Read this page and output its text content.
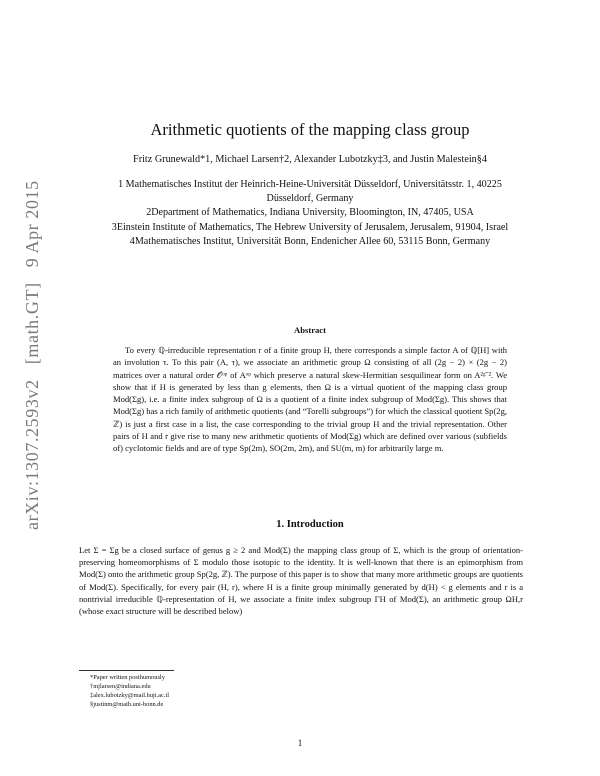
arXiv:1307.2593v2 [math.GT] 9 Apr 2015
Arithmetic quotients of the mapping class group
Fritz Grunewald*1, Michael Larsen†2, Alexander Lubotzky‡3, and Justin Malestein§4
1 Mathematisches Institut der Heinrich-Heine-Universität Düsseldorf, Universitätsstr. 1, 40225 Düsseldorf, Germany
2Department of Mathematics, Indiana University, Bloomington, IN, 47405, USA
3Einstein Institute of Mathematics, The Hebrew University of Jerusalem, Jerusalem, 91904, Israel
4Mathematisches Institut, Universität Bonn, Endenicher Allee 60, 53115 Bonn, Germany
Abstract
To every ℚ-irreducible representation r of a finite group H, there corresponds a simple factor A of ℚ[H] with an involution τ. To this pair (A, τ), we associate an arithmetic group Ω consisting of all (2g − 2) × (2g − 2) matrices over a natural order 𝒪ᵒᵖ of Aᵒᵖ which preserve a natural skew-Hermitian sesquilinear form on A²ᵍ⁻². We show that if H is generated by less than g elements, then Ω is a virtual quotient of the mapping class group Mod(Σg), i.e. a finite index subgroup of Ω is a quotient of a finite index subgroup of Mod(Σg). This shows that Mod(Σg) has a rich family of arithmetic quotients (and “Torelli subgroups”) for which the classical quotient Sp(2g, ℤ) is just a first case in a list, the case corresponding to the trivial group H and the trivial representation. Other pairs of H and r give rise to many new arithmetic quotients of Mod(Σg) which are defined over various (subfields of) cyclotomic fields and are of type Sp(2m), SO(2m, 2m), and SU(m, m) for arbitrarily large m.
1. Introduction
Let Σ = Σg be a closed surface of genus g ≥ 2 and Mod(Σ) the mapping class group of Σ, which is the group of orientation-preserving homeomorphisms of Σ modulo those isotopic to the identity. It is well-known that there is an epimorphism from Mod(Σ) onto the arithmetic group Sp(2g, ℤ). The purpose of this paper is to show that many more arithmetic groups are quotients of Mod(Σ). Specifically, for every pair (H, r), where H is a finite group minimally generated by d(H) < g elements and r is a nontrivial irreducible ℚ-representation of H, we associate a finite index subgroup ΓH of Mod(Σ), an arithmetic group ΩH,r (whose exact structure will be described below)
*Paper written posthumously
†mjlarsen@indiana.edu
‡alex.lubotzky@mail.huji.ac.il
§justinm@math.uni-bonn.de
1
